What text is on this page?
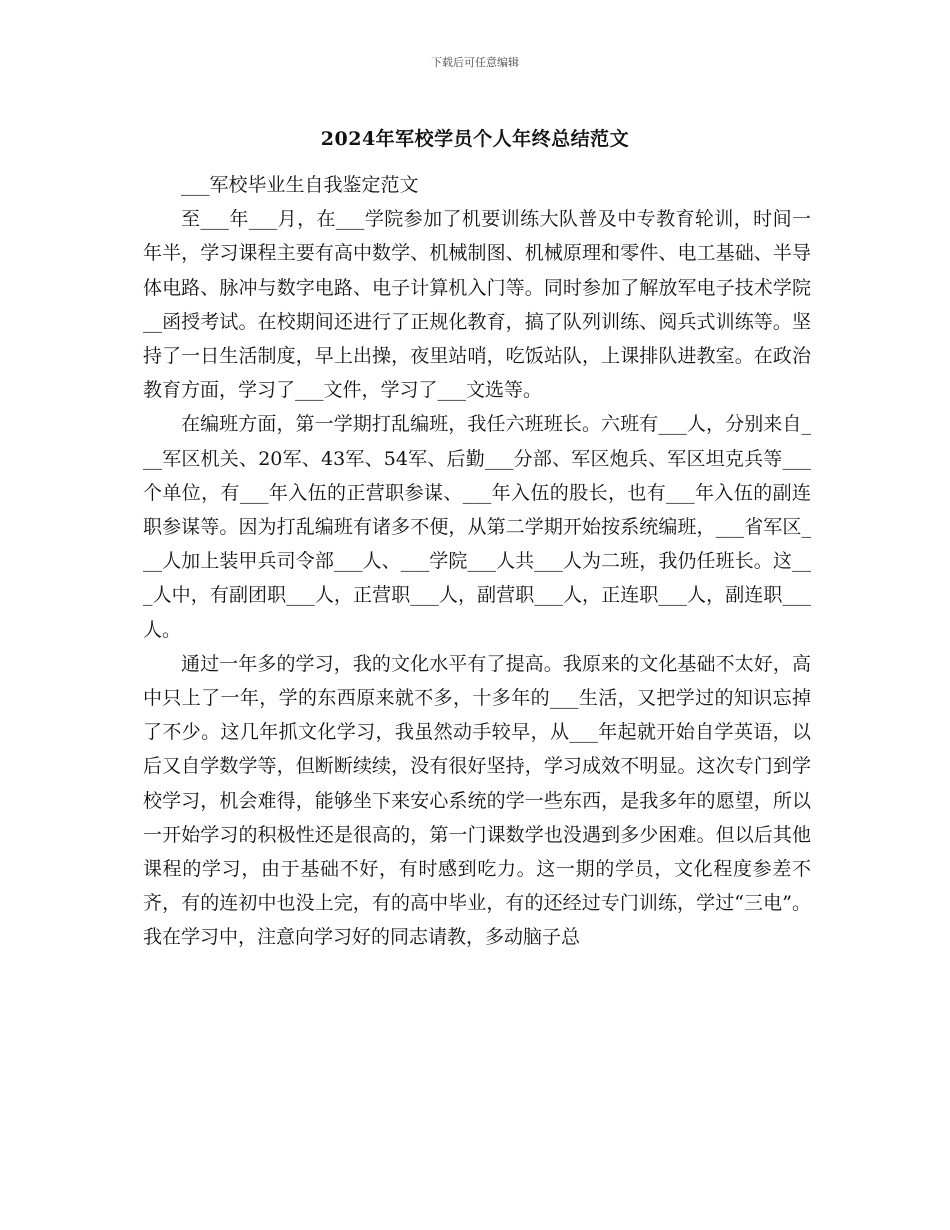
下载后可任意编辑
2024年军校学员个人年终总结范文

___军校毕业生自我鉴定范文

至___年___月，在___学院参加了机要训练大队普及中专教育轮训，时间一年半，学习课程主要有高中数学、机械制图、机械原理和零件、电工基础、半导体电路、脉冲与数字电路、电子计算机入门等。同时参加了解放军电子技术学院__函授考试。在校期间还进行了正规化教育，搞了队列训练、阅兵式训练等。坚持了一日生活制度，早上出操，夜里站哨，吃饭站队，上课排队进教室。在政治教育方面，学习了___文件，学习了___文选等。

在编班方面，第一学期打乱编班，我任六班班长。六班有___人，分别来自___军区机关、20军、43军、54军、后勤___分部、军区炮兵、军区坦克兵等___个单位，有___年入伍的正营职参谋、___年入伍的股长，也有___年入伍的副连职参谋等。因为打乱编班有诸多不便，从第二学期开始按系统编班，___省军区___人加上装甲兵司令部___人、___学院___人共___人为二班，我仍任班长。这___人中，有副团职___人，正营职___人，副营职___人，正连职___人，副连职___人。

通过一年多的学习，我的文化水平有了提高。我原来的文化基础不太好，高中只上了一年，学的东西原来就不多，十多年的___生活，又把学过的知识忘掉了不少。这几年抓文化学习，我虽然动手较早，从___年起就开始自学英语，以后又自学数学等，但断断续续，没有很好坚持，学习成效不明显。这次专门到学校学习，机会难得，能够坐下来安心系统的学一些东西，是我多年的愿望，所以一开始学习的积极性还是很高的，第一门课数学也没遇到多少困难。但以后其他课程的学习，由于基础不好，有时感到吃力。这一期的学员，文化程度参差不齐，有的连初中也没上完，有的高中毕业，有的还经过专门训练，学过“三电”。我在学习中，注意向学习好的同志请教，多动脑子总
